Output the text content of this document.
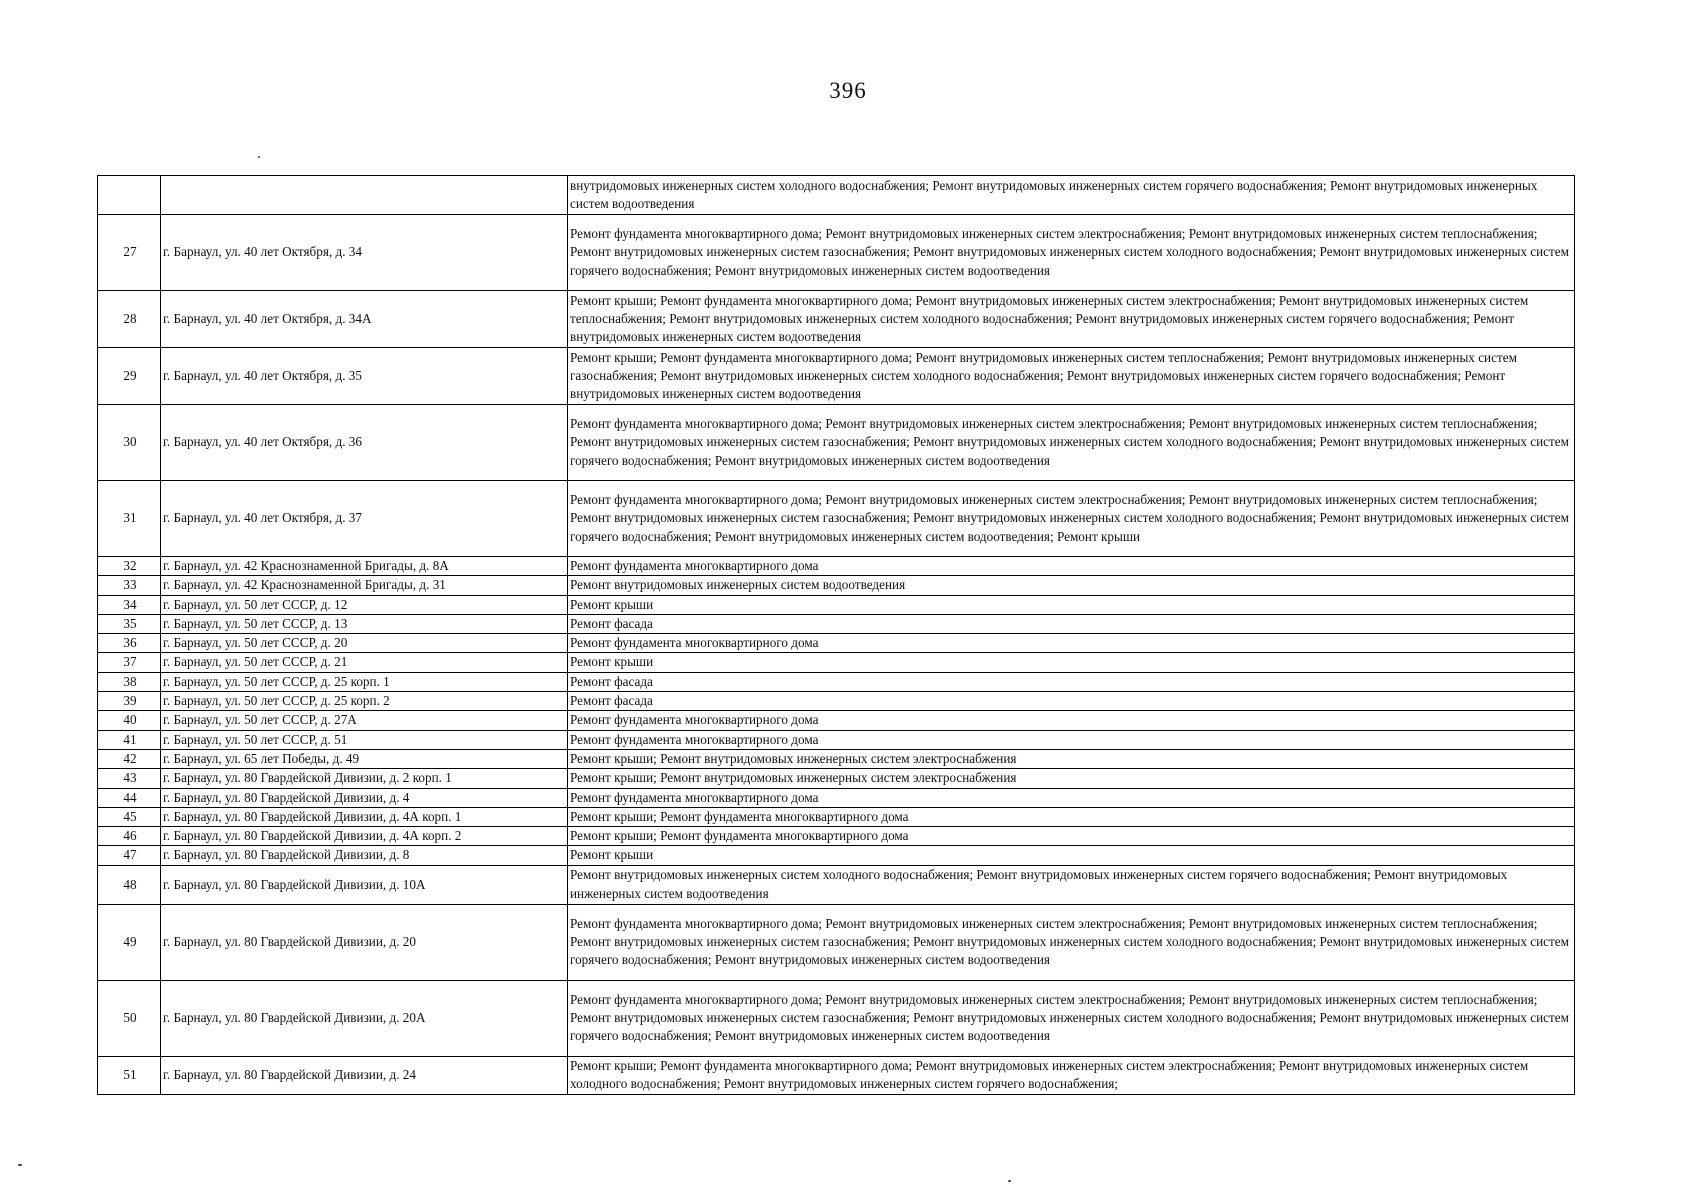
396
		внутридомовых инженерных систем холодного водоснабжения; Ремонт внутридомовых инженерных систем горячего водоснабжения; Ремонт внутридомовых инженерных систем водоотведения
27	г. Барнаул, ул. 40 лет Октября, д. 34	Ремонт фундамента многоквартирного дома; Ремонт внутридомовых инженерных систем электроснабжения; Ремонт внутридомовых инженерных систем теплоснабжения; Ремонт внутридомовых инженерных систем газоснабжения; Ремонт внутридомовых инженерных систем холодного водоснабжения; Ремонт внутридомовых инженерных систем горячего водоснабжения; Ремонт внутридомовых инженерных систем водоотведения
28	г. Барнаул, ул. 40 лет Октября, д. 34А	Ремонт крыши; Ремонт фундамента многоквартирного дома; Ремонт внутридомовых инженерных систем электроснабжения; Ремонт внутридомовых инженерных систем теплоснабжения; Ремонт внутридомовых инженерных систем холодного водоснабжения; Ремонт внутридомовых инженерных систем горячего водоснабжения; Ремонт внутридомовых инженерных систем водоотведения
29	г. Барнаул, ул. 40 лет Октября, д. 35	Ремонт крыши; Ремонт фундамента многоквартирного дома; Ремонт внутридомовых инженерных систем теплоснабжения; Ремонт внутридомовых инженерных систем газоснабжения; Ремонт внутридомовых инженерных систем холодного водоснабжения; Ремонт внутридомовых инженерных систем горячего водоснабжения; Ремонт внутридомовых инженерных систем водоотведения
30	г. Барнаул, ул. 40 лет Октября, д. 36	Ремонт фундамента многоквартирного дома; Ремонт внутридомовых инженерных систем электроснабжения; Ремонт внутридомовых инженерных систем теплоснабжения; Ремонт внутридомовых инженерных систем газоснабжения; Ремонт внутридомовых инженерных систем холодного водоснабжения; Ремонт внутридомовых инженерных систем горячего водоснабжения; Ремонт внутридомовых инженерных систем водоотведения
31	г. Барнаул, ул. 40 лет Октября, д. 37	Ремонт фундамента многоквартирного дома; Ремонт внутридомовых инженерных систем электроснабжения; Ремонт внутридомовых инженерных систем теплоснабжения; Ремонт внутридомовых инженерных систем газоснабжения; Ремонт внутридомовых инженерных систем холодного водоснабжения; Ремонт внутридомовых инженерных систем горячего водоснабжения; Ремонт внутридомовых инженерных систем водоотведения; Ремонт крыши
32	г. Барнаул, ул. 42 Краснознаменной Бригады, д. 8А	Ремонт фундамента многоквартирного дома
33	г. Барнаул, ул. 42 Краснознаменной Бригады, д. 31	Ремонт внутридомовых инженерных систем водоотведения
34	г. Барнаул, ул. 50 лет СССР, д. 12	Ремонт крыши
35	г. Барнаул, ул. 50 лет СССР, д. 13	Ремонт фасада
36	г. Барнаул, ул. 50 лет СССР, д. 20	Ремонт фундамента многоквартирного дома
37	г. Барнаул, ул. 50 лет СССР, д. 21	Ремонт крыши
38	г. Барнаул, ул. 50 лет СССР, д. 25 корп. 1	Ремонт фасада
39	г. Барнаул, ул. 50 лет СССР, д. 25 корп. 2	Ремонт фасада
40	г. Барнаул, ул. 50 лет СССР, д. 27А	Ремонт фундамента многоквартирного дома
41	г. Барнаул, ул. 50 лет СССР, д. 51	Ремонт фундамента многоквартирного дома
42	г. Барнаул, ул. 65 лет Победы, д. 49	Ремонт крыши; Ремонт внутридомовых инженерных систем электроснабжения
43	г. Барнаул, ул. 80 Гвардейской Дивизии, д. 2 корп. 1	Ремонт крыши; Ремонт внутридомовых инженерных систем электроснабжения
44	г. Барнаул, ул. 80 Гвардейской Дивизии, д. 4	Ремонт фундамента многоквартирного дома
45	г. Барнаул, ул. 80 Гвардейской Дивизии, д. 4А корп. 1	Ремонт крыши; Ремонт фундамента многоквартирного дома
46	г. Барнаул, ул. 80 Гвардейской Дивизии, д. 4А корп. 2	Ремонт крыши; Ремонт фундамента многоквартирного дома
47	г. Барнаул, ул. 80 Гвардейской Дивизии, д. 8	Ремонт крыши
48	г. Барнаул, ул. 80 Гвардейской Дивизии, д. 10А	Ремонт внутридомовых инженерных систем холодного водоснабжения; Ремонт внутридомовых инженерных систем горячего водоснабжения; Ремонт внутридомовых инженерных систем водоотведения
49	г. Барнаул, ул. 80 Гвардейской Дивизии, д. 20	Ремонт фундамента многоквартирного дома; Ремонт внутридомовых инженерных систем электроснабжения; Ремонт внутридомовых инженерных систем теплоснабжения; Ремонт внутридомовых инженерных систем газоснабжения; Ремонт внутридомовых инженерных систем холодного водоснабжения; Ремонт внутридомовых инженерных систем горячего водоснабжения; Ремонт внутридомовых инженерных систем водоотведения
50	г. Барнаул, ул. 80 Гвардейской Дивизии, д. 20А	Ремонт фундамента многоквартирного дома; Ремонт внутридомовых инженерных систем электроснабжения; Ремонт внутридомовых инженерных систем теплоснабжения; Ремонт внутридомовых инженерных систем газоснабжения; Ремонт внутридомовых инженерных систем холодного водоснабжения; Ремонт внутридомовых инженерных систем горячего водоснабжения; Ремонт внутридомовых инженерных систем водоотведения
51	г. Барнаул, ул. 80 Гвардейской Дивизии, д. 24	Ремонт крыши; Ремонт фундамента многоквартирного дома; Ремонт внутридомовых инженерных систем электроснабжения; Ремонт внутридомовых инженерных систем холодного водоснабжения; Ремонт внутридомовых инженерных систем горячего водоснабжения;
